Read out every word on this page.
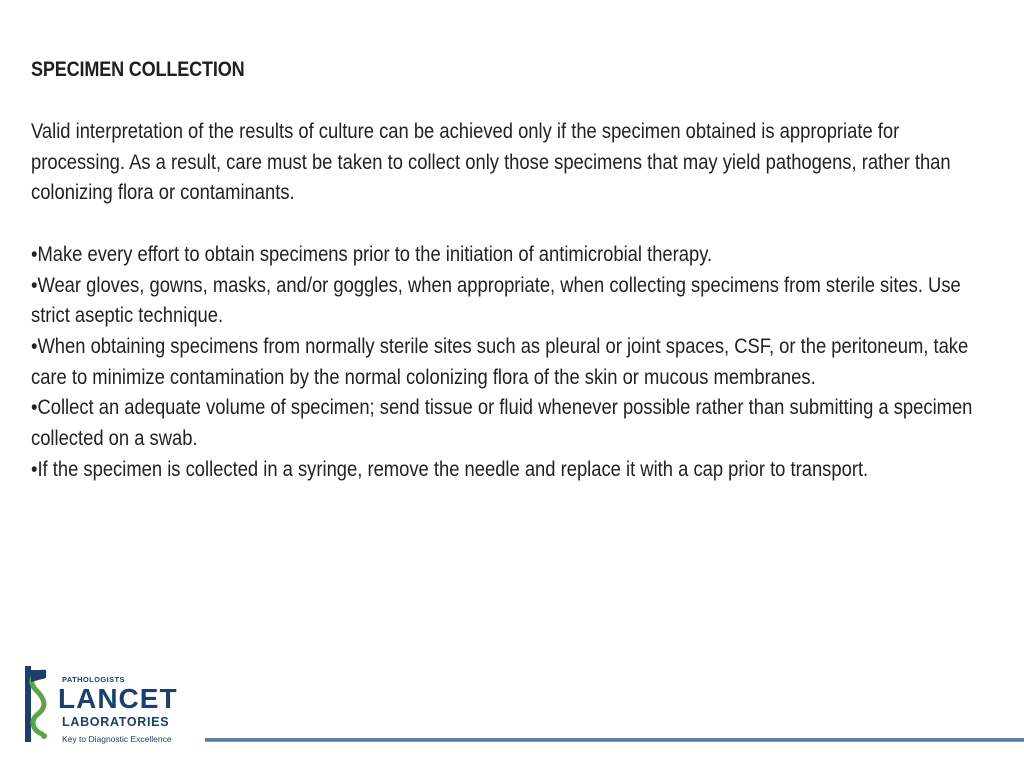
SPECIMEN COLLECTION

Valid interpretation of the results of culture can be achieved only if the specimen obtained is appropriate for processing. As a result, care must be taken to collect only those specimens that may yield pathogens, rather than colonizing flora or contaminants.

• Make every effort to obtain specimens prior to the initiation of antimicrobial therapy.

• Wear gloves, gowns, masks, and/or goggles, when appropriate, when collecting specimens from sterile sites. Use strict aseptic technique.

• When obtaining specimens from normally sterile sites such as pleural or joint spaces, CSF, or the peritoneum, take care to minimize contamination by the normal colonizing flora of the skin or mucous membranes.

• Collect an adequate volume of specimen; send tissue or fluid whenever possible rather than submitting a specimen collected on a swab.

• If the specimen is collected in a syringe, remove the needle and replace it with a cap prior to transport.

PATHOLOGISTS
LANCET
LABORATORIES
Key to Diagnostic Excellence
